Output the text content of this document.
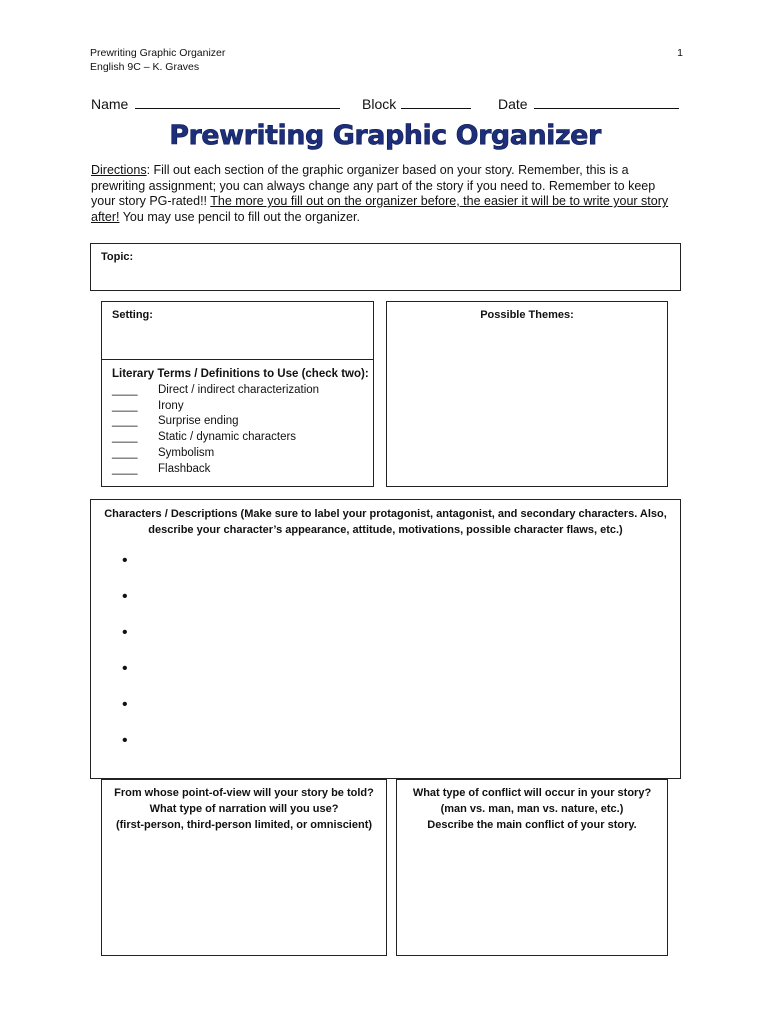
Prewriting Graphic Organizer
English 9C – K. Graves
1
Name	Block	Date
Prewriting Graphic Organizer
Directions: Fill out each section of the graphic organizer based on your story. Remember, this is a prewriting assignment; you can always change any part of the story if you need to. Remember to keep your story PG-rated!! The more you fill out on the organizer before, the easier it will be to write your story after! You may use pencil to fill out the organizer.
Topic:
Setting:
Literary Terms / Definitions to Use (check two):
____	Direct / indirect characterization
____	Irony
____	Surprise ending
____	Static / dynamic characters
____	Symbolism
____	Flashback
Possible Themes:
Characters / Descriptions (Make sure to label your protagonist, antagonist, and secondary characters. Also,
describe your character’s appearance, attitude, motivations, possible character flaws, etc.)
•
•
•
•
•
•
From whose point-of-view will your story be told?
What type of narration will you use?
(first-person, third-person limited, or omniscient)
What type of conflict will occur in your story?
(man vs. man, man vs. nature, etc.)
Describe the main conflict of your story.
